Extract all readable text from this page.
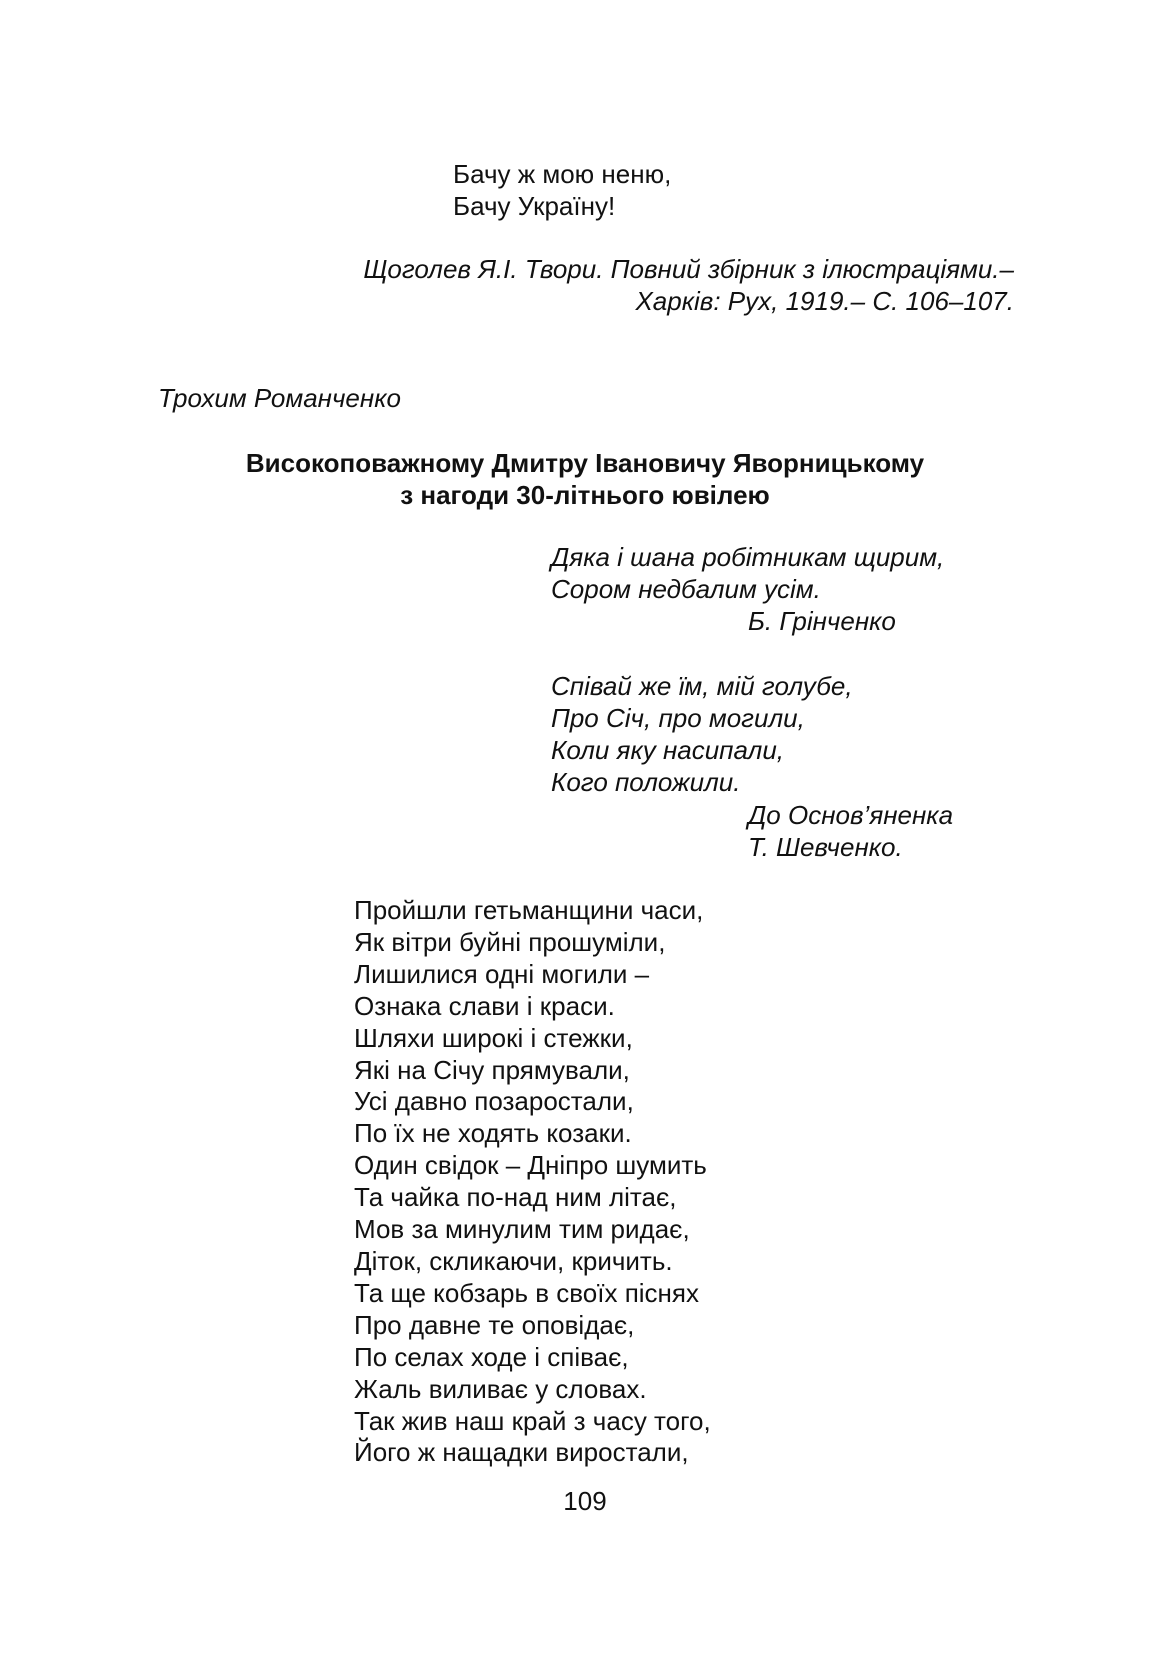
Бачу ж мою неню,
Бачу Україну!
Щоголев Я.І. Твори. Повний збірник з ілюстраціями.–
Харків: Рух, 1919.– С. 106–107.
Трохим Романченко
Високоповажному Дмитру Івановичу Яворницькому
з нагоди 30-літнього ювілею
Дяка і шана робітникам щирим,
Сором недбалим усім.
Б. Грінченко
Співай же їм, мій голубе,
Про Січ, про могили,
Коли яку насипали,
Кого положили.
До Основ’яненка
Т. Шевченко.
Пройшли гетьманщини часи,
Як вітри буйні прошуміли,
Лишилися одні могили –
Ознака слави і краси.
Шляхи широкі і стежки,
Які на Січу прямували,
Усі давно позаростали,
По їх не ходять козаки.
Один свідок – Дніпро шумить
Та чайка по-над ним літає,
Мов за минулим тим ридає,
Діток, скликаючи, кричить.
Та ще кобзарь в своїх піснях
Про давне те оповідає,
По селах ходе і співає,
Жаль виливає у словах.
Так жив наш край з часу того,
Його ж нащадки виростали,
109
